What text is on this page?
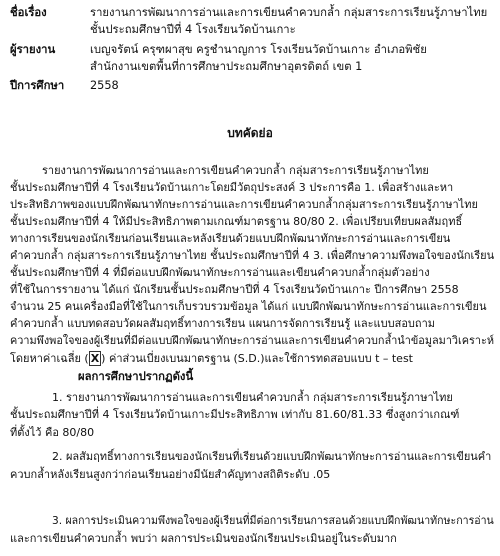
ชื่อเรื่อง	รายงานการพัฒนาการอ่านและการเขียนคำควบกล้ำ กลุ่มสาระการเรียนรู้ภาษาไทย
ชั้นประถมศึกษาปีที่ 4 โรงเรียนวัดบ้านเกาะ
ผู้รายงาน	เบญจรัตน์ ครุฑผาสุข ครูชำนาญการ โรงเรียนวัดบ้านเกาะ อำเภอพิชัย
สำนักงานเขตพื้นที่การศึกษาประถมศึกษาอุตรดิตถ์ เขต 1
ปีการศึกษา 2558
บทคัดย่อ
รายงานการพัฒนาการอ่านและการเขียนคำควบกล้ำ กลุ่มสาระการเรียนรู้ภาษาไทย
ชั้นประถมศึกษาปีที่ 4 โรงเรียนวัดบ้านเกาะโดยมีวัตถุประสงค์ 3 ประการคือ 1. เพื่อสร้างและหา
ประสิทธิภาพของแบบฝึกพัฒนาทักษะการอ่านและการเขียนคำควบกล้ำกลุ่มสาระการเรียนรู้ภาษาไทย
ชั้นประถมศึกษาปีที่ 4 ให้มีประสิทธิภาพตามเกณฑ์มาตรฐาน 80/80 2. เพื่อเปรียบเทียบผลสัมฤทธิ์
ทางการเรียนของนักเรียนก่อนเรียนและหลังเรียนด้วยแบบฝึกพัฒนาทักษะการอ่านและการเขียน
คำควบกล้ำ กลุ่มสาระการเรียนรู้ภาษาไทย ชั้นประถมศึกษาปีที่ 4 3. เพื่อศึกษาความพึงพอใจของนักเรียน
ชั้นประถมศึกษาปีที่ 4 ที่มีต่อแบบฝึกพัฒนาทักษะการอ่านและเขียนคำควบกล้ำกลุ่มตัวอย่าง
ที่ใช้ในการรายงาน ได้แก่ นักเรียนชั้นประถมศึกษาปีที่ 4 โรงเรียนวัดบ้านเกาะ ปีการศึกษา 2558
จำนวน 25 คนเครื่องมือที่ใช้ในการเก็บรวบรวมข้อมูล ได้แก่ แบบฝึกพัฒนาทักษะการอ่านและการเขียน
คำควบกล้ำ แบบทดสอบวัดผลสัมฤทธิ์ทางการเรียน แผนการจัดการเรียนรู้ และแบบสอบถาม
ความพึงพอใจของผู้เรียนที่มีต่อแบบฝึกพัฒนาทักษะการอ่านและการเขียนคำควบกล้ำนำข้อมูลมาวิเคราะห์
โดยหาค่าเฉลี่ย ( X ) ค่าส่วนเบี่ยงเบนมาตรฐาน (S.D.)และใช้การทดสอบแบบ t – test
ผลการศึกษาปรากฏดังนี้
1. รายงานการพัฒนาการอ่านและการเขียนคำควบกล้ำ กลุ่มสาระการเรียนรู้ภาษาไทย
ชั้นประถมศึกษาปีที่ 4 โรงเรียนวัดบ้านเกาะมีประสิทธิภาพ เท่ากับ 81.60/81.33 ซึ่งสูงกว่าเกณฑ์
ที่ตั้งไว้ คือ 80/80
2. ผลสัมฤทธิ์ทางการเรียนของนักเรียนที่เรียนด้วยแบบฝึกพัฒนาทักษะการอ่านและการเขียนคำ
ควบกล้ำหลังเรียนสูงกว่าก่อนเรียนอย่างมีนัยสำคัญทางสถิติระดับ .05
3. ผลการประเมินความพึงพอใจของผู้เรียนที่มีต่อการเรียนการสอนด้วยแบบฝึกพัฒนาทักษะการอ่าน
และการเขียนคำควบกล้ำ พบว่า ผลการประเมินของนักเรียนประเมินอยู่ในระดับมาก
